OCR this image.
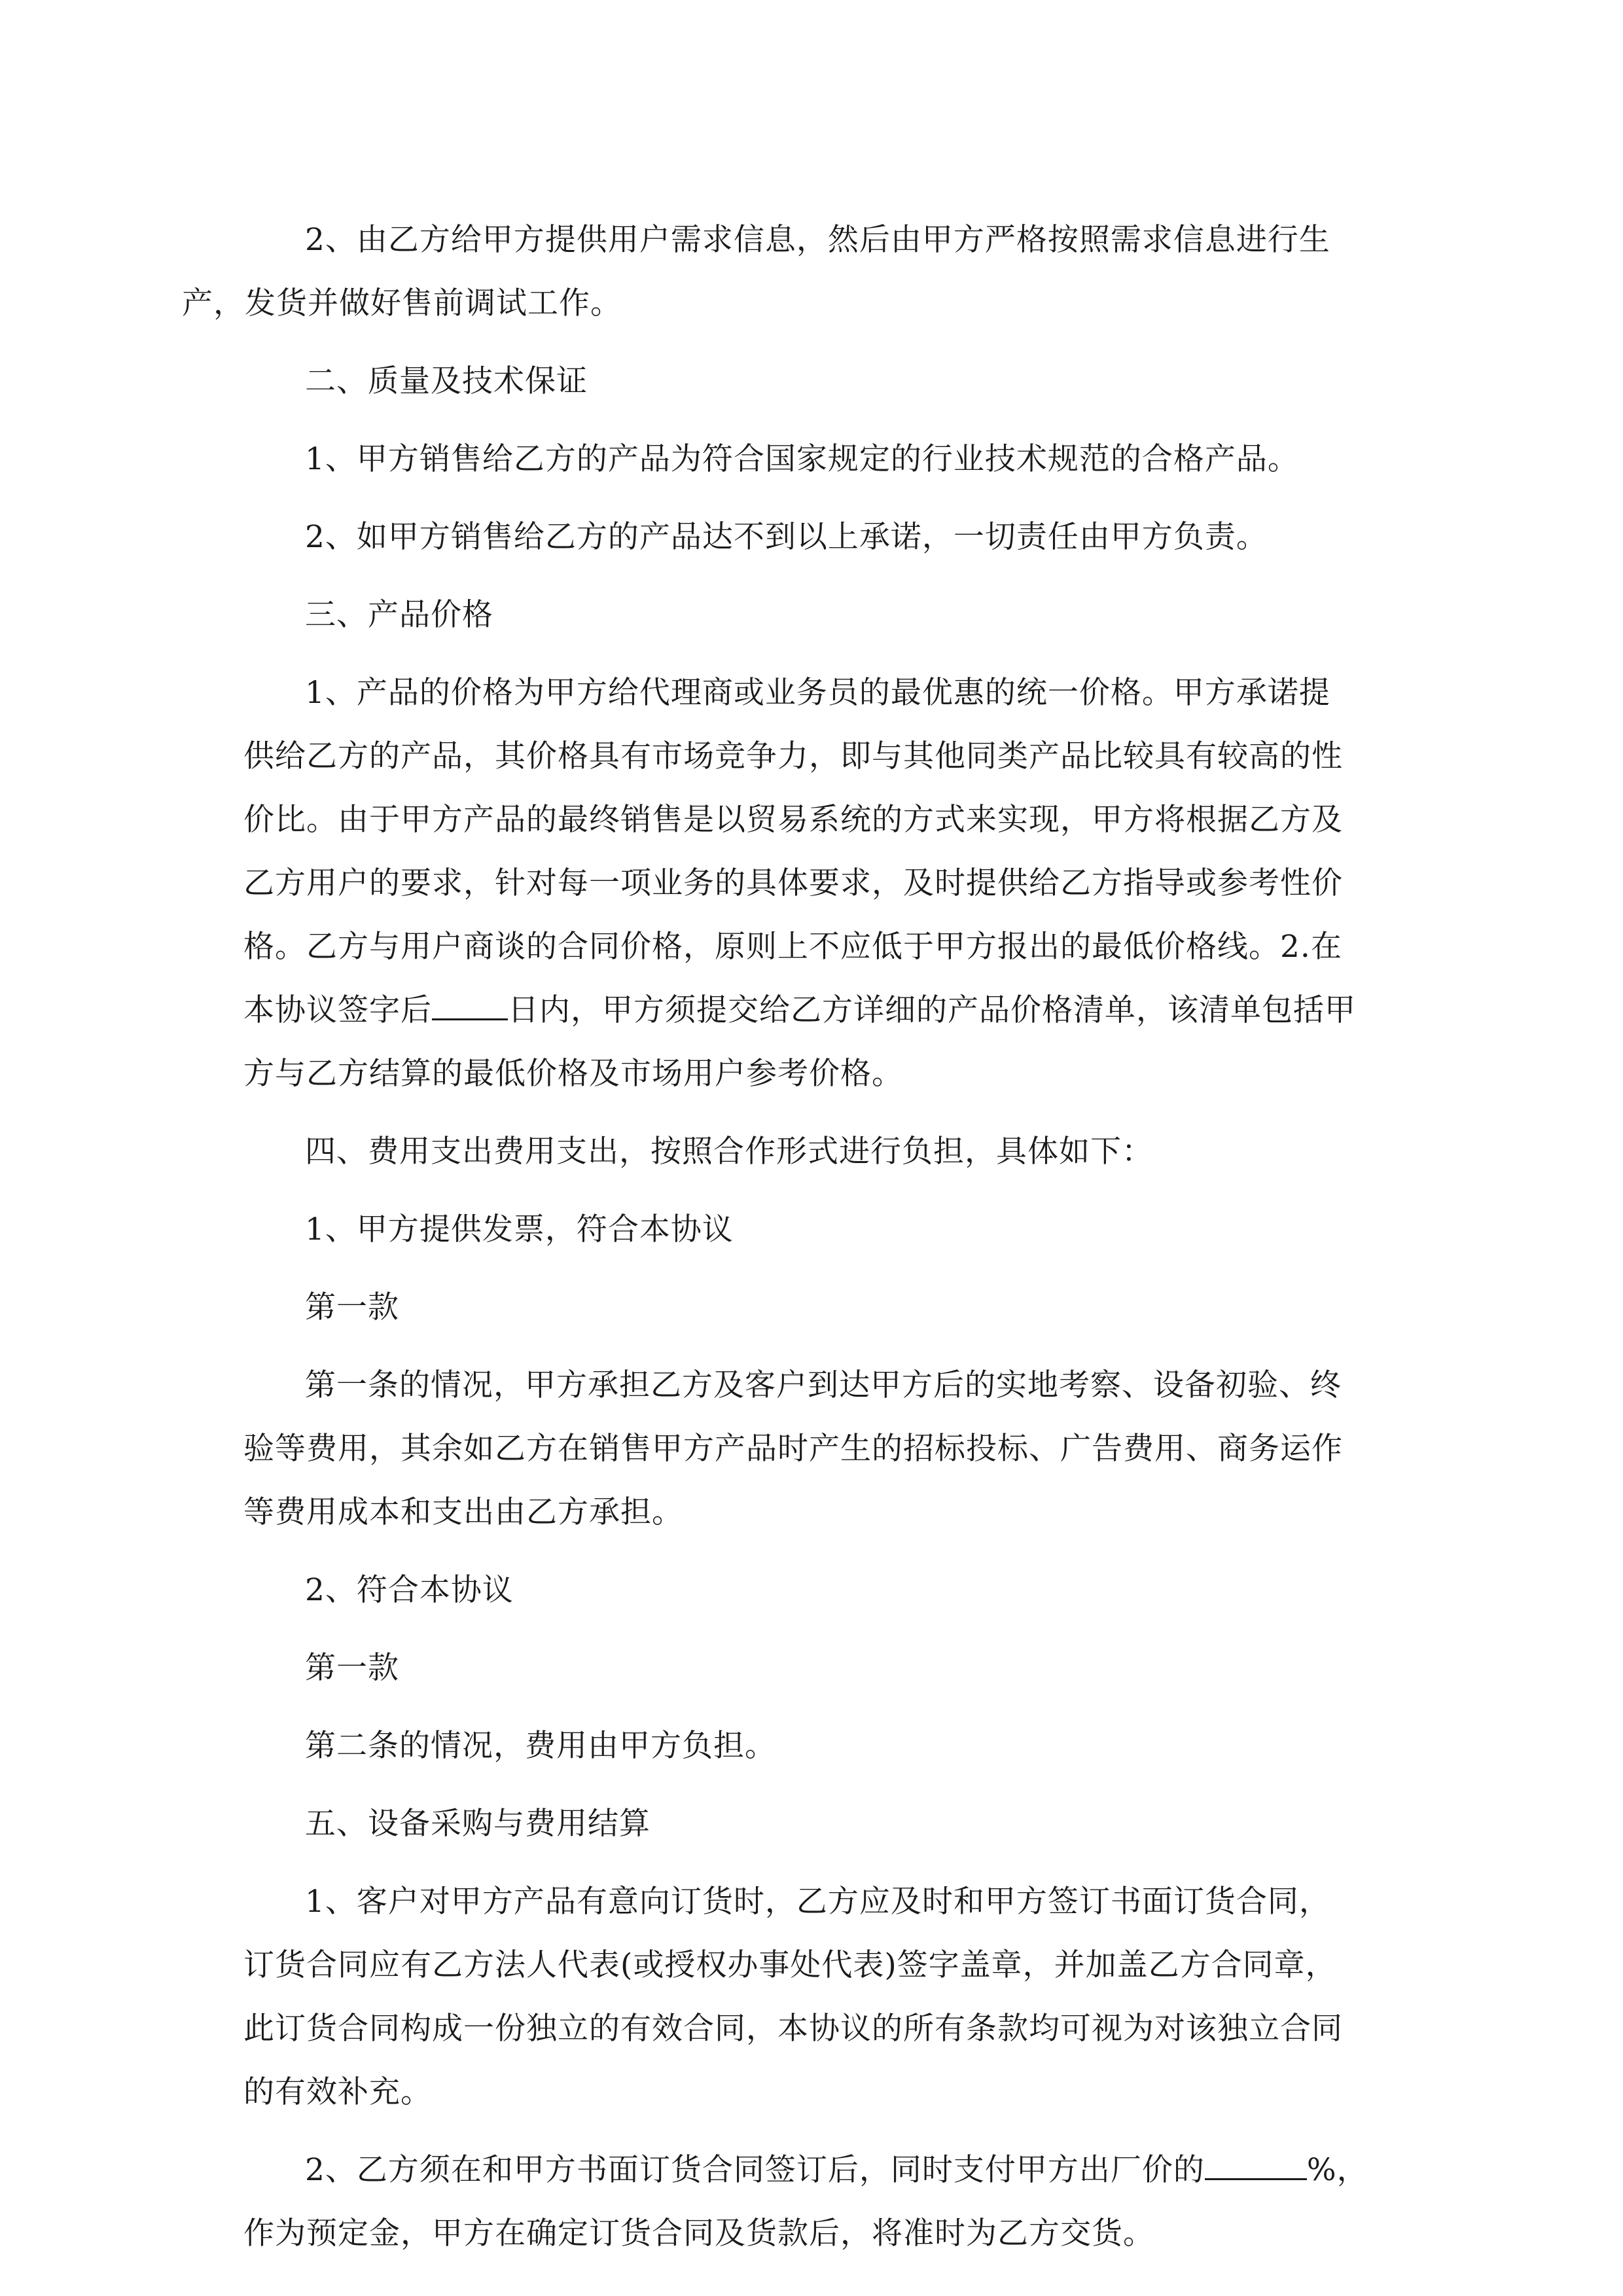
2、由乙方给甲方提供用户需求信息，然后由甲方严格按照需求信息进行生
产，发货并做好售前调试工作。

二、质量及技术保证

1、甲方销售给乙方的产品为符合国家规定的行业技术规范的合格产品。

2、如甲方销售给乙方的产品达不到以上承诺，一切责任由甲方负责。

三、产品价格

1、产品的价格为甲方给代理商或业务员的最优惠的统一价格。甲方承诺提
供给乙方的产品，其价格具有市场竞争力，即与其他同类产品比较具有较高的性
价比。由于甲方产品的最终销售是以贸易系统的方式来实现，甲方将根据乙方及
乙方用户的要求，针对每一项业务的具体要求，及时提供给乙方指导或参考性价
格。乙方与用户商谈的合同价格，原则上不应低于甲方报出的最低价格线。2.在

本协议签字后 日内，甲方须提交给乙方详细的产品价格清单，该清单包括甲
方与乙方结算的最低价格及市场用户参考价格。

四、费用支出费用支出，按照合作形式进行负担，具体如下：

1、甲方提供发票，符合本协议

第一款

第一条的情况，甲方承担乙方及客户到达甲方后的实地考察、设备初验、终
验等费用，其余如乙方在销售甲方产品时产生的招标投标、广告费用、商务运作
等费用成本和支出由乙方承担。

2、符合本协议

第一款

第二条的情况，费用由甲方负担。

五、设备采购与费用结算

1、客户对甲方产品有意向订货时，乙方应及时和甲方签订书面订货合同，
订货合同应有乙方法人代表(或授权办事处代表)签字盖章，并加盖乙方合同章，
此订货合同构成一份独立的有效合同，本协议的所有条款均可视为对该独立合同
的有效补充。

2、乙方须在和甲方书面订货合同签订后，同时支付甲方出厂价的	%，
作为预定金，甲方在确定订货合同及货款后，将准时为乙方交货。
